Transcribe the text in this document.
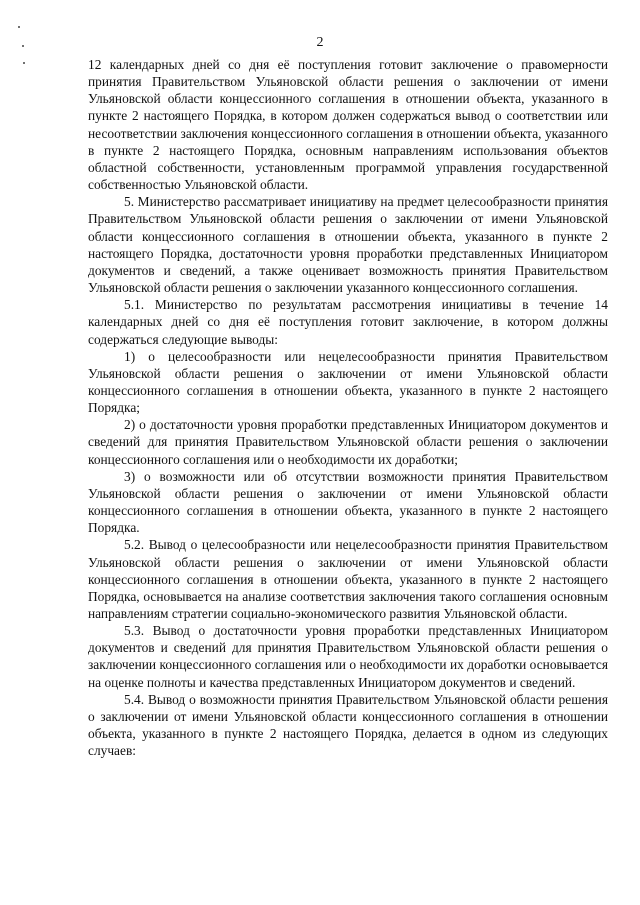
2

12 календарных дней со дня её поступления готовит заключение о правомерности принятия Правительством Ульяновской области решения о заключении от имени Ульяновской области концессионного соглашения в отношении объекта, указанного в пункте 2 настоящего Порядка, в котором должен содержаться вывод о соответствии или несоответствии заключения концессионного соглашения в отношении объекта, указанного в пункте 2 настоящего Порядка, основным направлениям использования объектов областной собственности, установленным программой управления государственной собственностью Ульяновской области.

5. Министерство рассматривает инициативу на предмет целесообразности принятия Правительством Ульяновской области решения о заключении от имени Ульяновской области концессионного соглашения в отношении объекта, указанного в пункте 2 настоящего Порядка, достаточности уровня проработки представленных Инициатором документов и сведений, а также оценивает возможность принятия Правительством Ульяновской области решения о заключении указанного концессионного соглашения.

5.1. Министерство по результатам рассмотрения инициативы в течение 14 календарных дней со дня её поступления готовит заключение, в котором должны содержаться следующие выводы:

1) о целесообразности или нецелесообразности принятия Правительством Ульяновской области решения о заключении от имени Ульяновской области концессионного соглашения в отношении объекта, указанного в пункте 2 настоящего Порядка;

2) о достаточности уровня проработки представленных Инициатором документов и сведений для принятия Правительством Ульяновской области решения о заключении концессионного соглашения или о необходимости их доработки;

3) о возможности или об отсутствии возможности принятия Правительством Ульяновской области решения о заключении от имени Ульяновской области концессионного соглашения в отношении объекта, указанного в пункте 2 настоящего Порядка.

5.2. Вывод о целесообразности или нецелесообразности принятия Правительством Ульяновской области решения о заключении от имени Ульяновской области концессионного соглашения в отношении объекта, указанного в пункте 2 настоящего Порядка, основывается на анализе соответствия заключения такого соглашения основным направлениям стратегии социально-экономического развития Ульяновской области.

5.3. Вывод о достаточности уровня проработки представленных Инициатором документов и сведений для принятия Правительством Ульяновской области решения о заключении концессионного соглашения или о необходимости их доработки основывается на оценке полноты и качества представленных Инициатором документов и сведений.

5.4. Вывод о возможности принятия Правительством Ульяновской области решения о заключении от имени Ульяновской области концессионного соглашения в отношении объекта, указанного в пункте 2 настоящего Порядка, делается в одном из следующих случаев:
